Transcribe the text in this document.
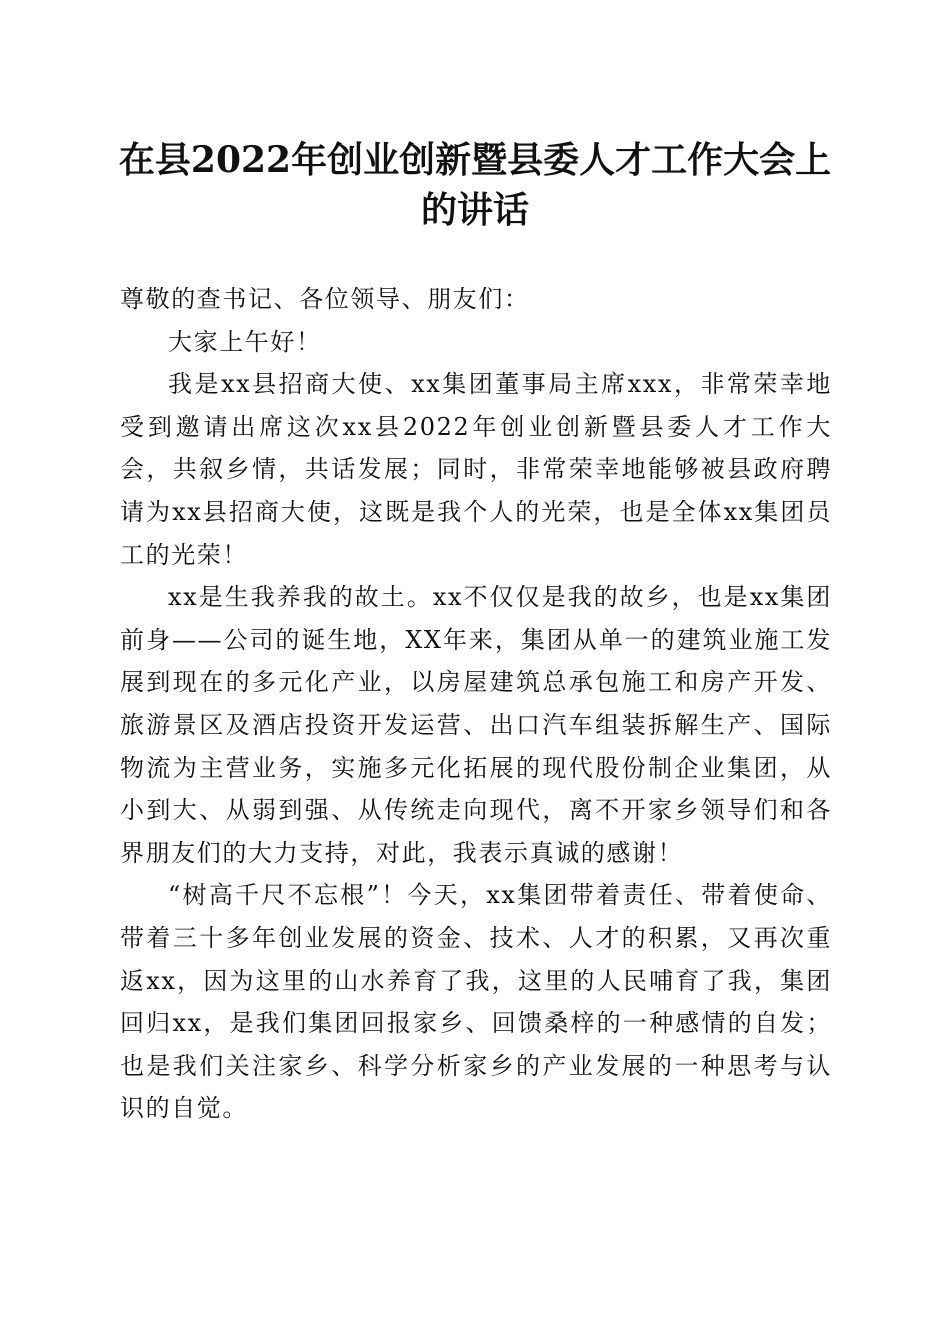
在县2022年创业创新暨县委人才工作大会上的讲话

尊敬的查书记、各位领导、朋友们：

大家上午好！

我是xx县招商大使、xx集团董事局主席xxx，非常荣幸地受到邀请出席这次xx县2022年创业创新暨县委人才工作大会，共叙乡情，共话发展；同时，非常荣幸地能够被县政府聘请为xx县招商大使，这既是我个人的光荣，也是全体xx集团员工的光荣！

xx是生我养我的故土。xx不仅仅是我的故乡，也是xx集团前身——公司的诞生地，XX年来，集团从单一的建筑业施工发展到现在的多元化产业，以房屋建筑总承包施工和房产开发、旅游景区及酒店投资开发运营、出口汽车组装拆解生产、国际物流为主营业务，实施多元化拓展的现代股份制企业集团，从小到大、从弱到强、从传统走向现代，离不开家乡领导们和各界朋友们的大力支持，对此，我表示真诚的感谢！

“树高千尺不忘根”！今天，xx集团带着责任、带着使命、带着三十多年创业发展的资金、技术、人才的积累，又再次重返xx，因为这里的山水养育了我，这里的人民哺育了我，集团回归xx，是我们集团回报家乡、回馈桑梓的一种感情的自发；也是我们关注家乡、科学分析家乡的产业发展的一种思考与认识的自觉。
